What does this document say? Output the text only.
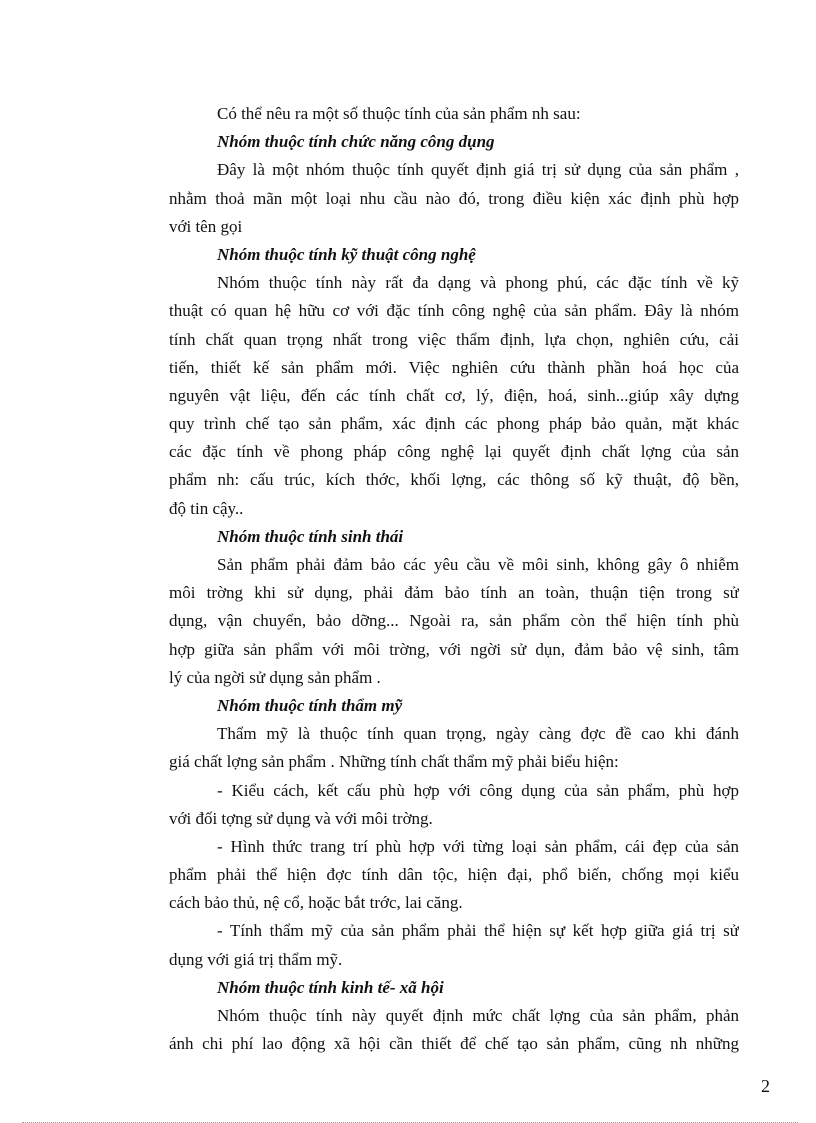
Có thể nêu ra một số thuộc tính của sản phẩm nh sau:
Nhóm thuộc tính chức năng công dụng
Đây là một nhóm thuộc tính quyết định giá trị sử dụng của sản phẩm ,
nhằm thoả mãn một loại nhu cầu nào đó, trong điều kiện xác định phù hợp
với tên gọi
Nhóm thuộc tính kỹ thuật công nghệ
Nhóm thuộc tính này rất đa dạng và phong phú, các đặc tính về kỹ
thuật có quan hệ hữu cơ với đặc tính công nghệ của sản phẩm. Đây là nhóm
tính chất quan trọng nhất trong việc thẩm định, lựa chọn, nghiên cứu, cải
tiến, thiết kế sản phẩm mới. Việc nghiên cứu thành phần hoá học của
nguyên vật liệu, đến các tính chất cơ, lý, điện, hoá, sinh...giúp xây dựng
quy trình chế tạo sản phẩm, xác định các phong pháp bảo quản, mặt khác
các đặc tính về phong pháp công nghệ lại quyết định chất lợng của sản
phẩm nh: cấu trúc, kích thớc, khối lợng, các thông số kỹ thuật, độ bền,
độ tin cậy..
Nhóm thuộc tính sinh thái
Sản phẩm phải đảm bảo các yêu cầu về môi sinh, không gây ô nhiễm
môi trờng khi sử dụng, phải đảm bảo tính an toàn, thuận tiện trong sử
dụng, vận chuyển, bảo dỡng... Ngoài ra, sản phẩm còn thể hiện tính phù
hợp giữa sản phẩm với môi trờng, với ngời sử dụn, đảm bảo vệ sinh, tâm
lý của ngời sử dụng sản phẩm .
Nhóm thuộc tính thẩm mỹ
Thẩm mỹ là thuộc tính quan trọng, ngày càng đợc đề cao khi đánh
giá chất lợng sản phẩm . Những tính chất thẩm mỹ phải biểu hiện:
- Kiểu cách, kết cấu phù hợp với công dụng của sản phẩm, phù hợp
với đối tợng sử dụng và với môi trờng.
- Hình thức trang trí phù hợp với từng loại sản phẩm, cái đẹp của sản
phẩm phải thể hiện đợc tính dân tộc, hiện đại, phổ biến, chống mọi kiểu
cách bảo thủ, nệ cổ, hoặc bắt trớc, lai căng.
- Tính thẩm mỹ của sản phẩm phải thể hiện sự kết hợp giữa giá trị sử
dụng với giá trị thẩm mỹ.
Nhóm thuộc tính kinh tế- xã hội
Nhóm thuộc tính này quyết định mức chất lợng của sản phẩm, phản
ánh chi phí lao động xã hội cần thiết để chế tạo sản phẩm, cũng nh những
2
